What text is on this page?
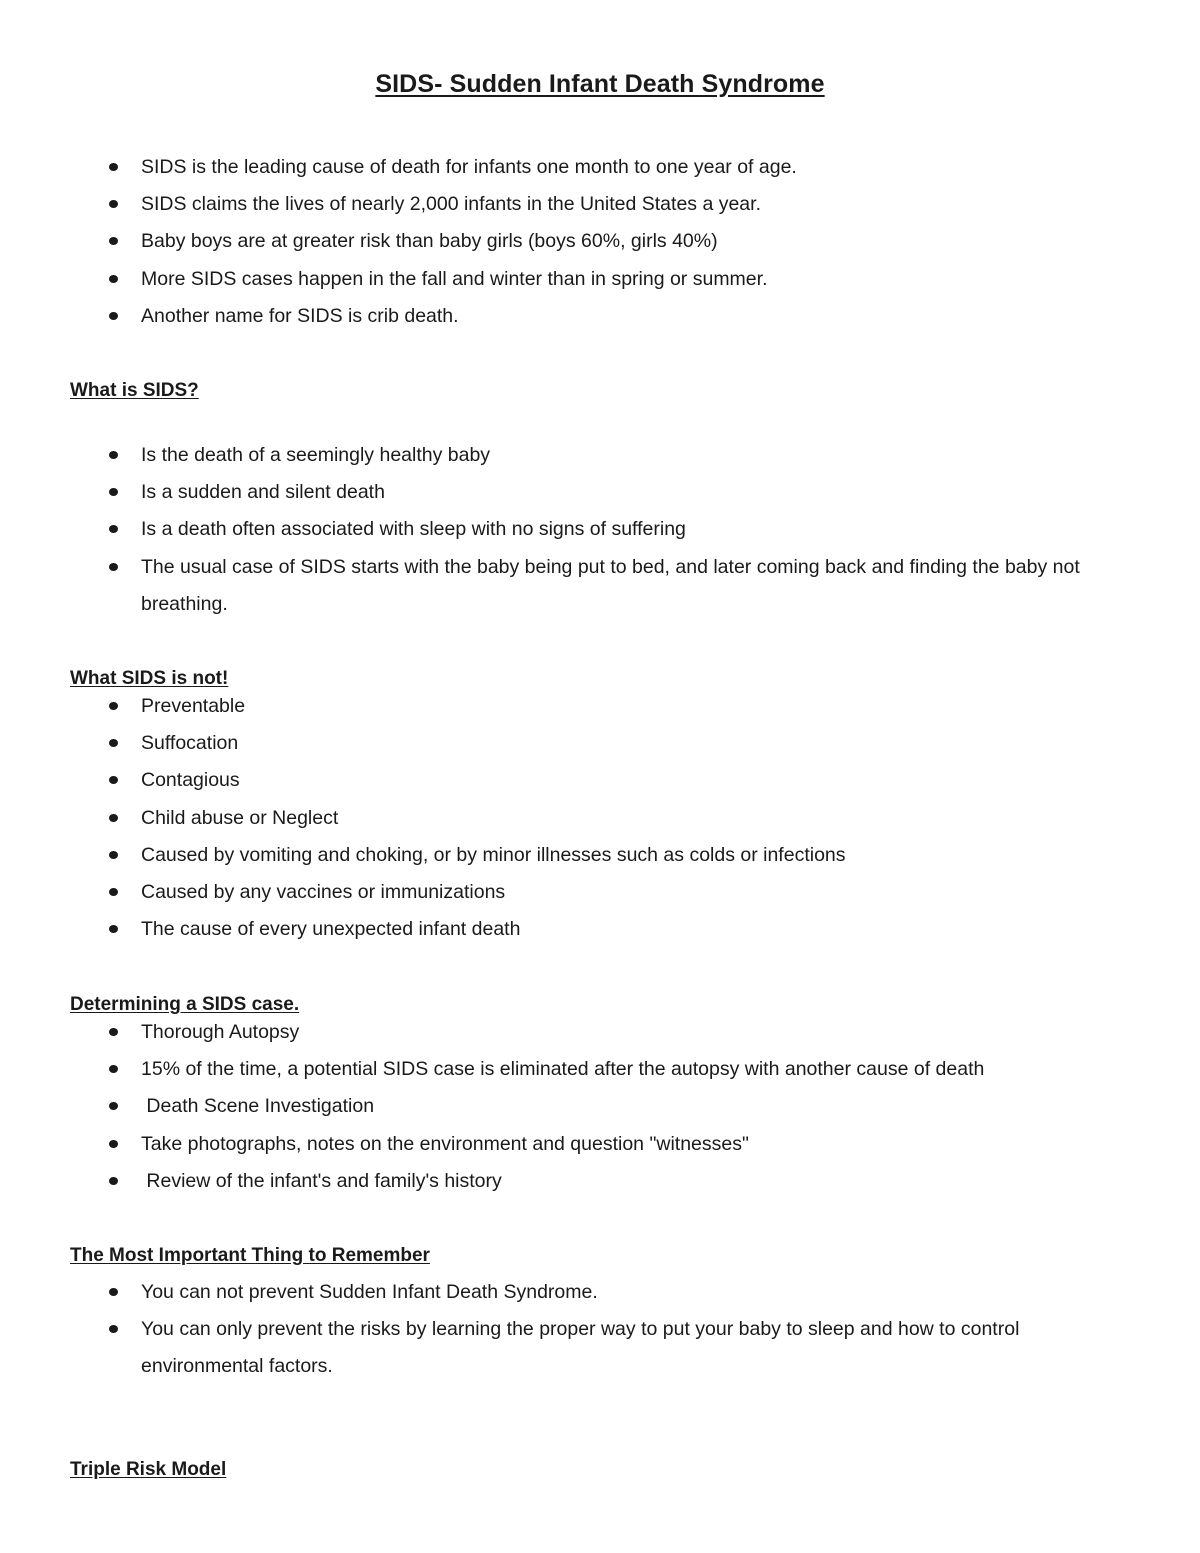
SIDS- Sudden Infant Death Syndrome
SIDS is the leading cause of death for infants one month to one year of age.
SIDS claims the lives of nearly 2,000 infants in the United States a year.
Baby boys are at greater risk than baby girls (boys 60%, girls 40%)
More SIDS cases happen in the fall and winter than in spring or summer.
Another name for SIDS is crib death.
What is SIDS?
Is the death of a seemingly healthy baby
Is a sudden and silent death
Is a death often associated with sleep with no signs of suffering
The usual case of SIDS starts with the baby being put to bed, and later coming back and finding the baby not breathing.
What SIDS is not!
Preventable
Suffocation
Contagious
Child abuse or Neglect
Caused by vomiting and choking, or by minor illnesses such as colds or infections
Caused by any vaccines or immunizations
The cause of every unexpected infant death
Determining a SIDS case.
Thorough Autopsy
15% of the time, a potential SIDS case is eliminated after the autopsy with another cause of death
Death Scene Investigation
Take photographs, notes on the environment and question "witnesses"
Review of the infant's and family's history
The Most Important Thing to Remember
You can not prevent Sudden Infant Death Syndrome.
You can only prevent the risks by learning the proper way to put your baby to sleep and how to control environmental factors.
Triple Risk Model
